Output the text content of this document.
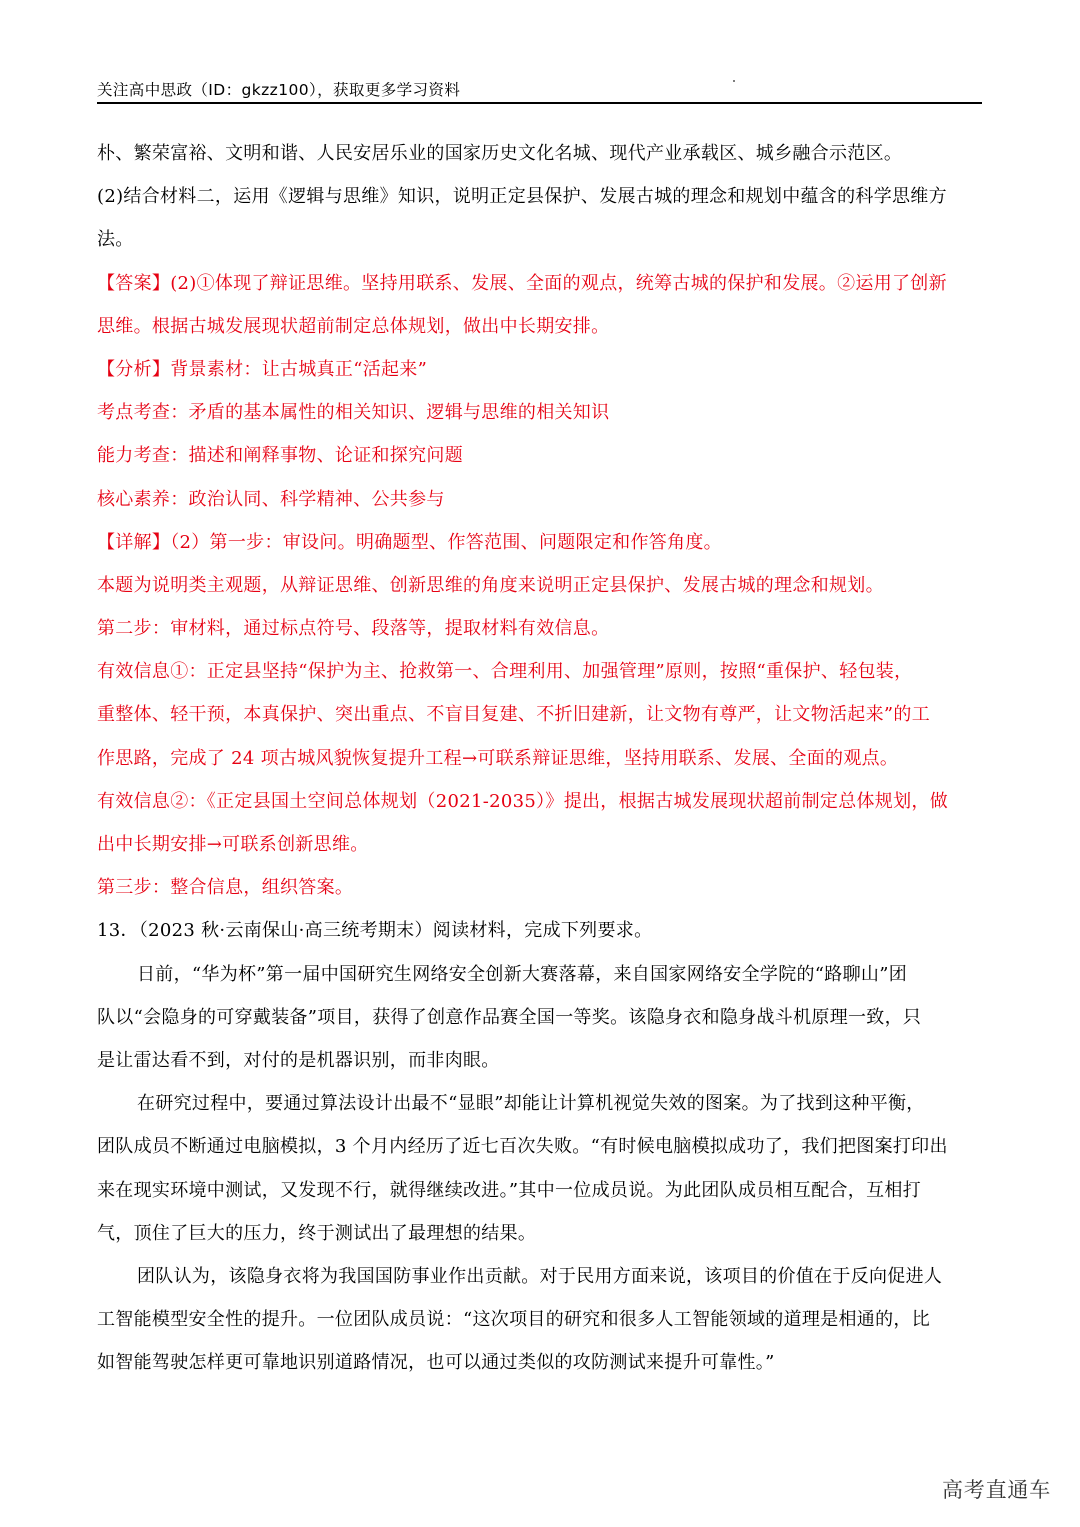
关注高中思政（ID：gkzz100），获取更多学习资料
朴、繁荣富裕、文明和谐、人民安居乐业的国家历史文化名城、现代产业承载区、城乡融合示范区。
(2)结合材料二，运用《逻辑与思维》知识，说明正定县保护、发展古城的理念和规划中蕴含的科学思维方
法。
【答案】(2)①体现了辩证思维。坚持用联系、发展、全面的观点，统筹古城的保护和发展。②运用了创新
思维。根据古城发展现状超前制定总体规划，做出中长期安排。
【分析】背景素材：让古城真正“活起来”
考点考查：矛盾的基本属性的相关知识、逻辑与思维的相关知识
能力考查：描述和阐释事物、论证和探究问题
核心素养：政治认同、科学精神、公共参与
【详解】（2）第一步：审设问。明确题型、作答范围、问题限定和作答角度。
本题为说明类主观题，从辩证思维、创新思维的角度来说明正定县保护、发展古城的理念和规划。
第二步：审材料，通过标点符号、段落等，提取材料有效信息。
有效信息①：正定县坚持“保护为主、抢救第一、合理利用、加强管理”原则，按照“重保护、轻包装，
重整体、轻干预，本真保护、突出重点、不盲目复建、不折旧建新，让文物有尊严，让文物活起来”的工
作思路，完成了 24 项古城风貌恢复提升工程→可联系辩证思维，坚持用联系、发展、全面的观点。
有效信息②：《正定县国土空间总体规划（2021-2035）》提出，根据古城发展现状超前制定总体规划，做
出中长期安排→可联系创新思维。
第三步：整合信息，组织答案。
13．（2023 秋·云南保山·高三统考期末）阅读材料，完成下列要求。
日前，“华为杯”第一届中国研究生网络安全创新大赛落幕，来自国家网络安全学院的“路聊山”团
队以“会隐身的可穿戴装备”项目，获得了创意作品赛全国一等奖。该隐身衣和隐身战斗机原理一致，只
是让雷达看不到，对付的是机器识别，而非肉眼。
在研究过程中，要通过算法设计出最不“显眼”却能让计算机视觉失效的图案。为了找到这种平衡，
团队成员不断通过电脑模拟，3 个月内经历了近七百次失败。“有时候电脑模拟成功了，我们把图案打印出
来在现实环境中测试，又发现不行，就得继续改进。”其中一位成员说。为此团队成员相互配合，互相打
气，顶住了巨大的压力，终于测试出了最理想的结果。
团队认为，该隐身衣将为我国国防事业作出贡献。对于民用方面来说，该项目的价值在于反向促进人
工智能模型安全性的提升。一位团队成员说：“这次项目的研究和很多人工智能领域的道理是相通的，比
如智能驾驶怎样更可靠地识别道路情况，也可以通过类似的攻防测试来提升可靠性。”
高考直通车
